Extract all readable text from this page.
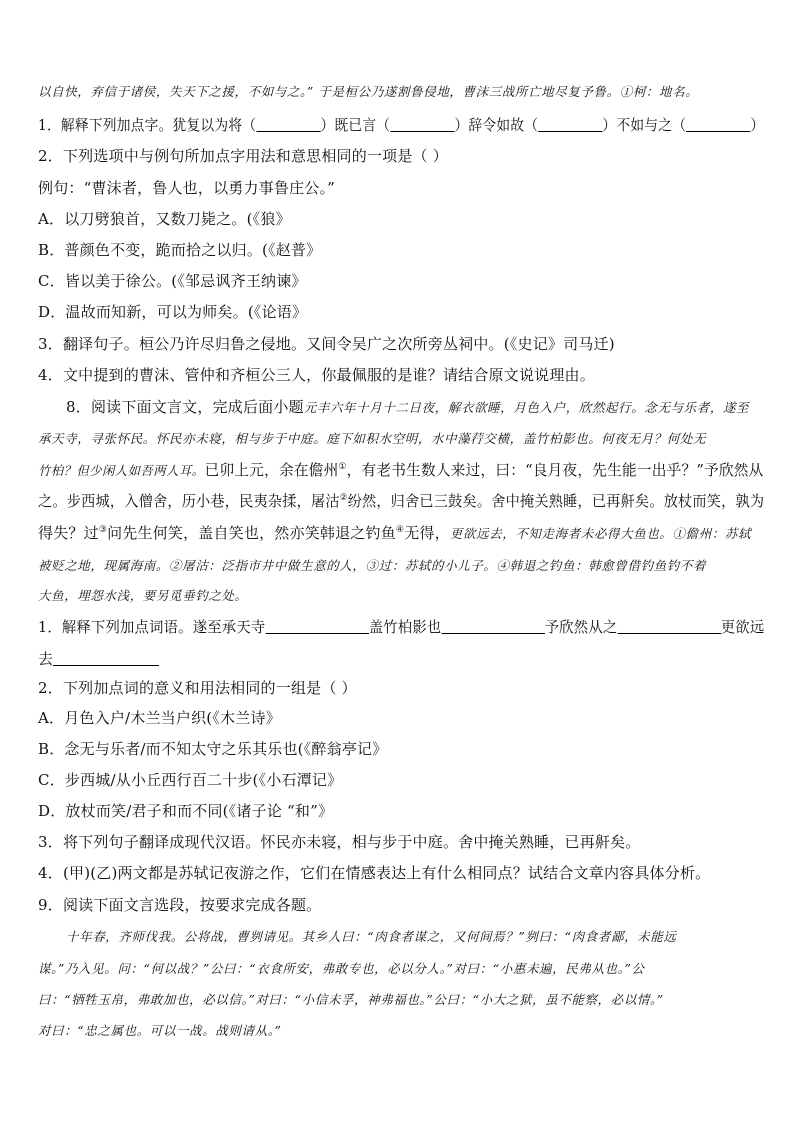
以自快，弃信于诸侯，失天下之援，不如与之。” 于是桓公乃遂割鲁侵地，曹沫三战所亡地尽复予鲁。①柯：地名。
1．解释下列加点字。犹复以为将（	）既已言（	）辞令如故（	）不如与之（	）
2．下列选项中与例句所加点字用法和意思相同的一项是（ ）
例句：“曹沫者，鲁人也，以勇力事鲁庄公。”
A．以刀劈狼首，又数刀毙之。(《狼》
B．普颜色不变，跪而拾之以归。(《赵普》
C．皆以美于徐公。(《邹忌讽齐王纳谏》
D．温故而知新，可以为师矣。(《论语》
3．翻译句子。桓公乃许尽归鲁之侵地。又间令吴广之次所旁丛祠中。(《史记》司马迁)
4．文中提到的曹沫、管仲和齐桓公三人，你最佩服的是谁？请结合原文说说理由。
8．阅读下面文言文，完成后面小题元丰六年十月十二日夜，解衣欲睡，月色入户，欣然起行。念无与乐者，遂至
承天寺，寻张怀民。怀民亦未寝，相与步于中庭。庭下如积水空明，水中藻荇交横，盖竹柏影也。何夜无月？何处无
竹柏？但少闲人如吾两人耳。已卯上元，余在儋州①，有老书生数人来过，曰：“良月夜，先生能一出乎？”予欣然从
之。步西城，入僧舍，历小巷，民夷杂揉，屠沽②纷然，归舍已三鼓矣。舍中掩关熟睡，已再鼾矣。放杖而笑，孰为
得失？过③问先生何笑，盖自笑也，然亦笑韩退之钓鱼④无得，更欲远去，不知走海者未必得大鱼也。①儋州：苏轼
被贬之地，现属海南。②屠沽：泛指市井中做生意的人，③过：苏轼的小儿子。④韩退之钓鱼：韩愈曾借钓鱼钓不着
大鱼，埋怨水浅，要另觅垂钓之处。
1．解释下列加点词语。遂至承天寺	盖竹柏影也	予欣然从之	更欲远
去
2．下列加点词的意义和用法相同的一组是（ ）
A．月色入户/木兰当户织(《木兰诗》
B．念无与乐者/而不知太守之乐其乐也(《醉翁亭记》
C．步西城/从小丘西行百二十步(《小石潭记》
D．放杖而笑/君子和而不同(《诸子论 “和”》
3．将下列句子翻译成现代汉语。怀民亦未寝，相与步于中庭。舍中掩关熟睡，已再鼾矣。
4．(甲)(乙)两文都是苏轼记夜游之作，它们在情感表达上有什么相同点？试结合文章内容具体分析。
9．阅读下面文言选段，按要求完成各题。
十年春，齐师伐我。公将战，曹刿请见。其乡人曰：“肉食者谋之，又何间焉？”刿曰：“肉食者鄙，未能远
谋。”乃入见。问：“何以战？”公曰：“衣食所安，弗敢专也，必以分人。”对曰：“小惠未遍，民弗从也。”公
曰：“牺牲玉帛，弗敢加也，必以信。”对曰：“小信未孚，神弗福也。”公曰：“小大之狱，虽不能察，必以情。”
对曰：“忠之属也。可以一战。战则请从。”
